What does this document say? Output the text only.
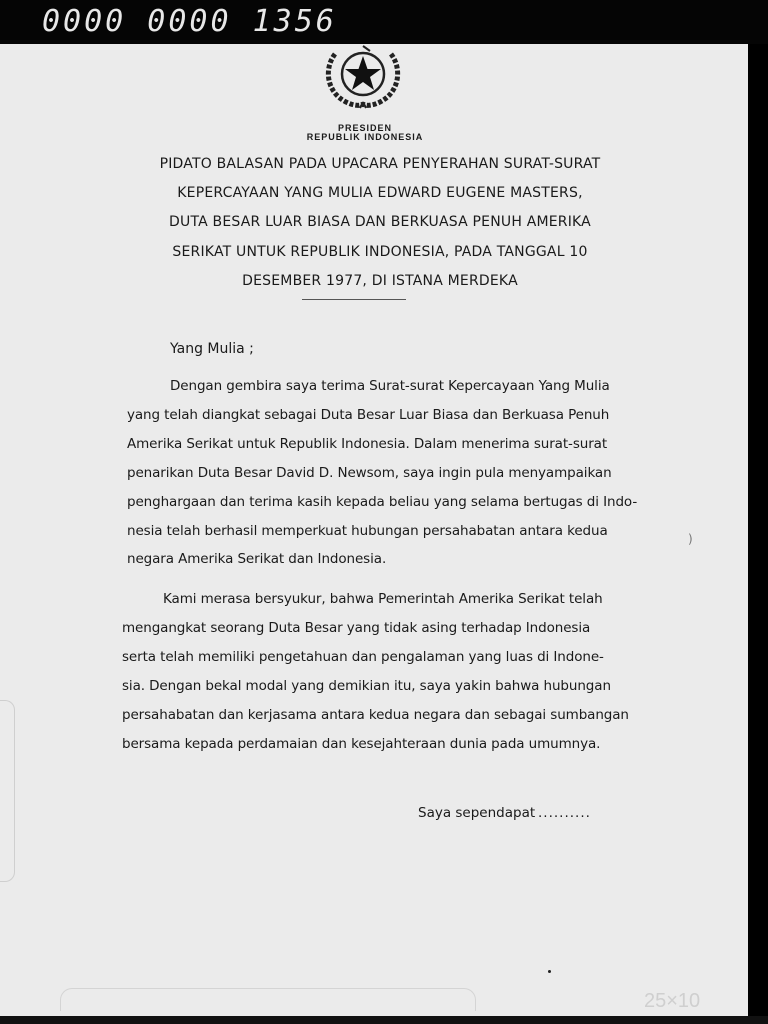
0000 0000 1356
PRESIDEN
REPUBLIK INDONESIA
PIDATO BALASAN PADA UPACARA PENYERAHAN SURAT-SURAT
KEPERCAYAAN YANG MULIA EDWARD EUGENE MASTERS,
DUTA BESAR LUAR BIASA DAN BERKUASA PENUH AMERIKA
SERIKAT UNTUK REPUBLIK INDONESIA, PADA TANGGAL 10
DESEMBER 1977, DI ISTANA MERDEKA
Yang Mulia ;
Dengan gembira saya terima Surat-surat Kepercayaan Yang Mulia
yang telah diangkat sebagai Duta Besar Luar Biasa dan Berkuasa Penuh
Amerika Serikat untuk Republik Indonesia. Dalam menerima surat-surat
penarikan Duta Besar David D. Newsom, saya ingin pula menyampaikan
penghargaan dan terima kasih kepada beliau yang selama bertugas di Indo-
nesia telah berhasil memperkuat hubungan persahabatan antara kedua
negara Amerika Serikat dan Indonesia.
Kami merasa bersyukur, bahwa Pemerintah Amerika Serikat telah
mengangkat seorang Duta Besar yang tidak asing terhadap Indonesia
serta telah memiliki pengetahuan dan pengalaman yang luas di Indone-
sia. Dengan bekal modal yang demikian itu, saya yakin bahwa hubungan
persahabatan dan kerjasama antara kedua negara dan sebagai sumbangan
bersama kepada perdamaian dan kesejahteraan dunia pada umumnya.
Saya sependapat ..........
)
25×10
